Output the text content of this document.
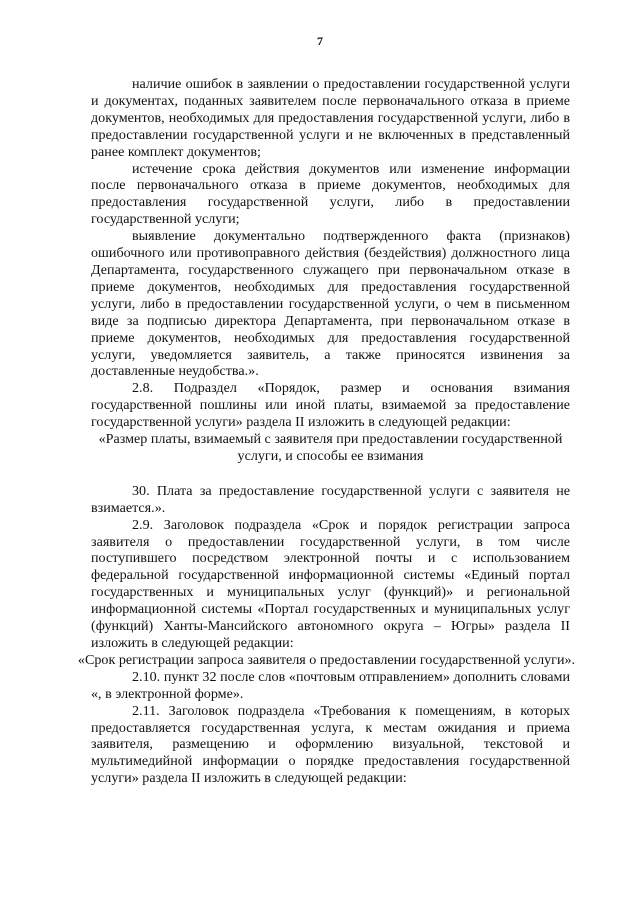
7

наличие ошибок в заявлении о предоставлении государственной услуги и документах, поданных заявителем после первоначального отказа в приеме документов, необходимых для предоставления государственной услуги, либо в предоставлении государственной услуги и не включенных в представленный ранее комплект документов;

истечение срока действия документов или изменение информации после первоначального отказа в приеме документов, необходимых для предоставления государственной услуги, либо в предоставлении государственной услуги;

выявление документально подтвержденного факта (признаков) ошибочного или противоправного действия (бездействия) должностного лица Департамента, государственного служащего при первоначальном отказе в приеме документов, необходимых для предоставления государственной услуги, либо в предоставлении государственной услуги, о чем в письменном виде за подписью директора Департамента, при первоначальном отказе в приеме документов, необходимых для предоставления государственной услуги, уведомляется заявитель, а также приносятся извинения за доставленные неудобства.».

2.8. Подраздел «Порядок, размер и основания взимания государственной пошлины или иной платы, взимаемой за предоставление государственной услуги» раздела II изложить в следующей редакции:

«Размер платы, взимаемый с заявителя при предоставлении государственной услуги, и способы ее взимания

30. Плата за предоставление государственной услуги с заявителя не взимается.».

2.9. Заголовок подраздела «Срок и порядок регистрации запроса заявителя о предоставлении государственной услуги, в том числе поступившего посредством электронной почты и с использованием федеральной государственной информационной системы «Единый портал государственных и муниципальных услуг (функций)» и региональной информационной системы «Портал государственных и муниципальных услуг (функций) Ханты-Мансийского автономного округа – Югры» раздела II изложить в следующей редакции:

«Срок регистрации запроса заявителя о предоставлении государственной услуги».

2.10. пункт 32 после слов «почтовым отправлением» дополнить словами «, в электронной форме».

2.11. Заголовок подраздела «Требования к помещениям, в которых предоставляется государственная услуга, к местам ожидания и приема заявителя, размещению и оформлению визуальной, текстовой и мультимедийной информации о порядке предоставления государственной услуги» раздела II изложить в следующей редакции:
